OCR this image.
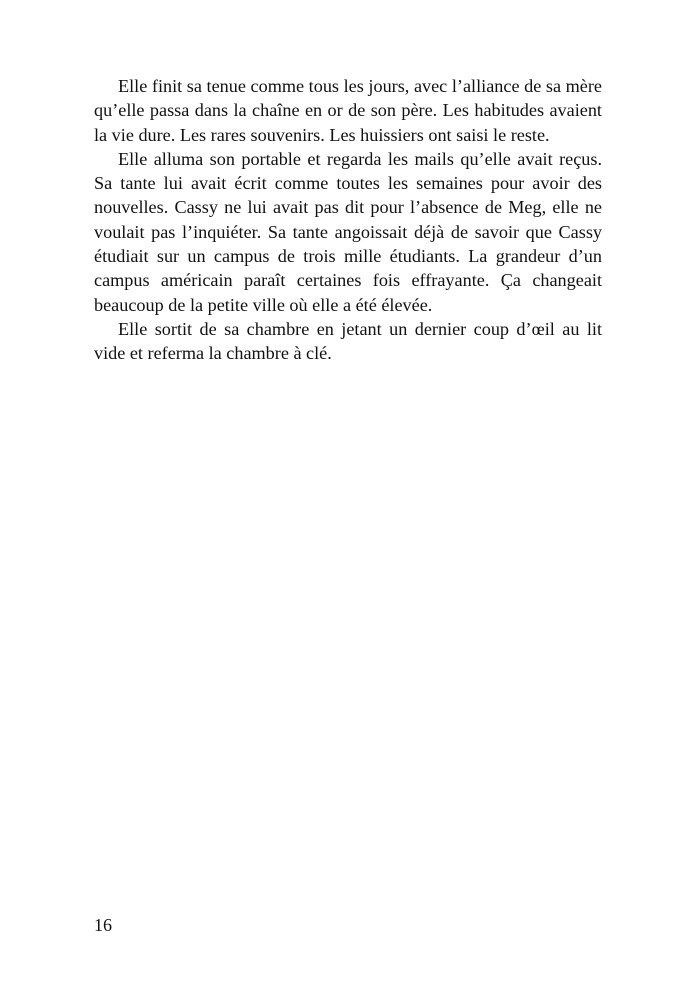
Elle finit sa tenue comme tous les jours, avec l’alliance de sa mère qu’elle passa dans la chaîne en or de son père. Les habitudes avaient la vie dure. Les rares souvenirs. Les huissiers ont saisi le reste.

Elle alluma son portable et regarda les mails qu’elle avait reçus. Sa tante lui avait écrit comme toutes les semaines pour avoir des nouvelles. Cassy ne lui avait pas dit pour l’absence de Meg, elle ne voulait pas l’inquiéter. Sa tante angoissait déjà de savoir que Cassy étudiait sur un campus de trois mille étudiants. La grandeur d’un campus américain paraît certaines fois effrayante. Ça changeait beaucoup de la petite ville où elle a été élevée.

Elle sortit de sa chambre en jetant un dernier coup d’œil au lit vide et referma la chambre à clé.

16
